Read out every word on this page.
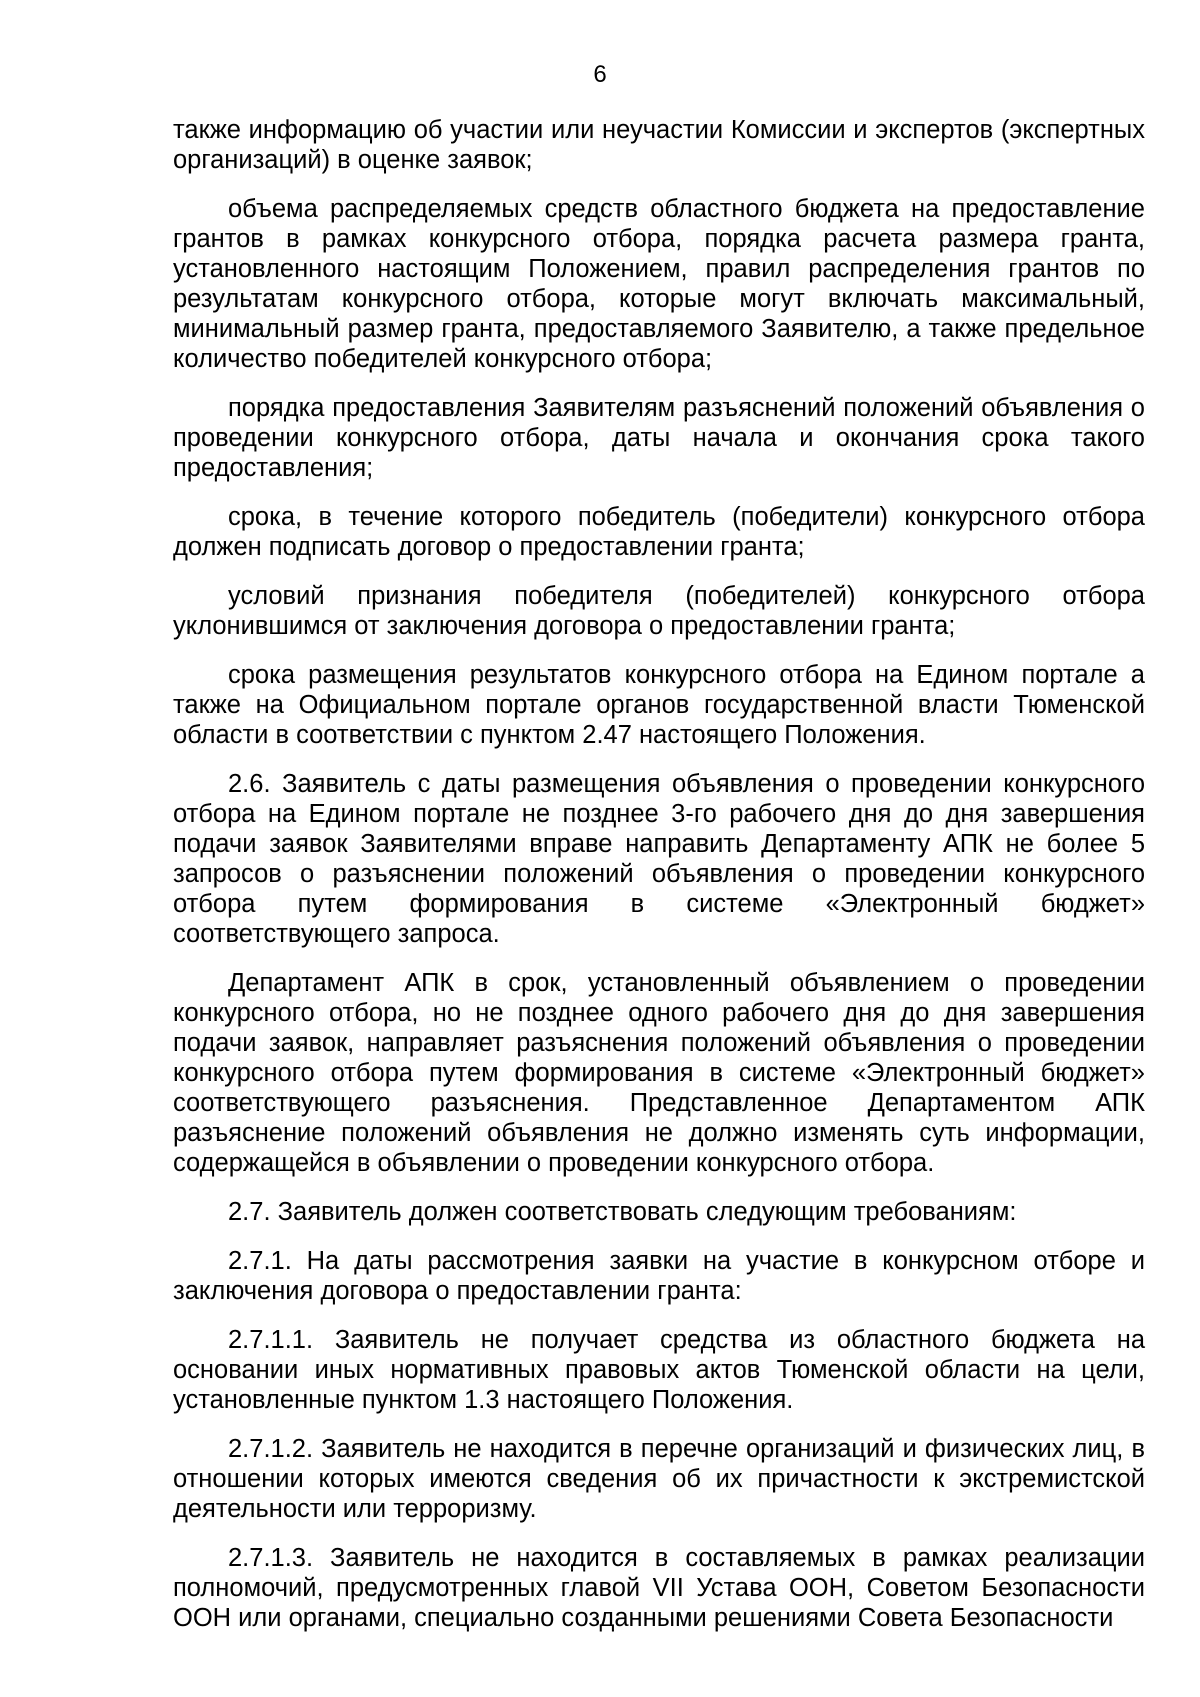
6

также информацию об участии или неучастии Комиссии и экспертов (экспертных организаций) в оценке заявок;

объема распределяемых средств областного бюджета на предоставление грантов в рамках конкурсного отбора, порядка расчета размера гранта, установленного настоящим Положением, правил распределения грантов по результатам конкурсного отбора, которые могут включать максимальный, минимальный размер гранта, предоставляемого Заявителю, а также предельное количество победителей конкурсного отбора;

порядка предоставления Заявителям разъяснений положений объявления о проведении конкурсного отбора, даты начала и окончания срока такого предоставления;

срока, в течение которого победитель (победители) конкурсного отбора должен подписать договор о предоставлении гранта;

условий признания победителя (победителей) конкурсного отбора уклонившимся от заключения договора о предоставлении гранта;

срока размещения результатов конкурсного отбора на Едином портале а также на Официальном портале органов государственной власти Тюменской области в соответствии с пунктом 2.47 настоящего Положения.

2.6. Заявитель с даты размещения объявления о проведении конкурсного отбора на Едином портале не позднее 3-го рабочего дня до дня завершения подачи заявок Заявителями вправе направить Департаменту АПК не более 5 запросов о разъяснении положений объявления о проведении конкурсного отбора путем формирования в системе «Электронный бюджет» соответствующего запроса.

Департамент АПК в срок, установленный объявлением о проведении конкурсного отбора, но не позднее одного рабочего дня до дня завершения подачи заявок, направляет разъяснения положений объявления о проведении конкурсного отбора путем формирования в системе «Электронный бюджет» соответствующего разъяснения. Представленное Департаментом АПК разъяснение положений объявления не должно изменять суть информации, содержащейся в объявлении о проведении конкурсного отбора.

2.7. Заявитель должен соответствовать следующим требованиям:

2.7.1. На даты рассмотрения заявки на участие в конкурсном отборе и заключения договора о предоставлении гранта:

2.7.1.1. Заявитель не получает средства из областного бюджета на основании иных нормативных правовых актов Тюменской области на цели, установленные пунктом 1.3 настоящего Положения.

2.7.1.2. Заявитель не находится в перечне организаций и физических лиц, в отношении которых имеются сведения об их причастности к экстремистской деятельности или терроризму.

2.7.1.3. Заявитель не находится в составляемых в рамках реализации полномочий, предусмотренных главой VII Устава ООН, Советом Безопасности ООН или органами, специально созданными решениями Совета Безопасности
